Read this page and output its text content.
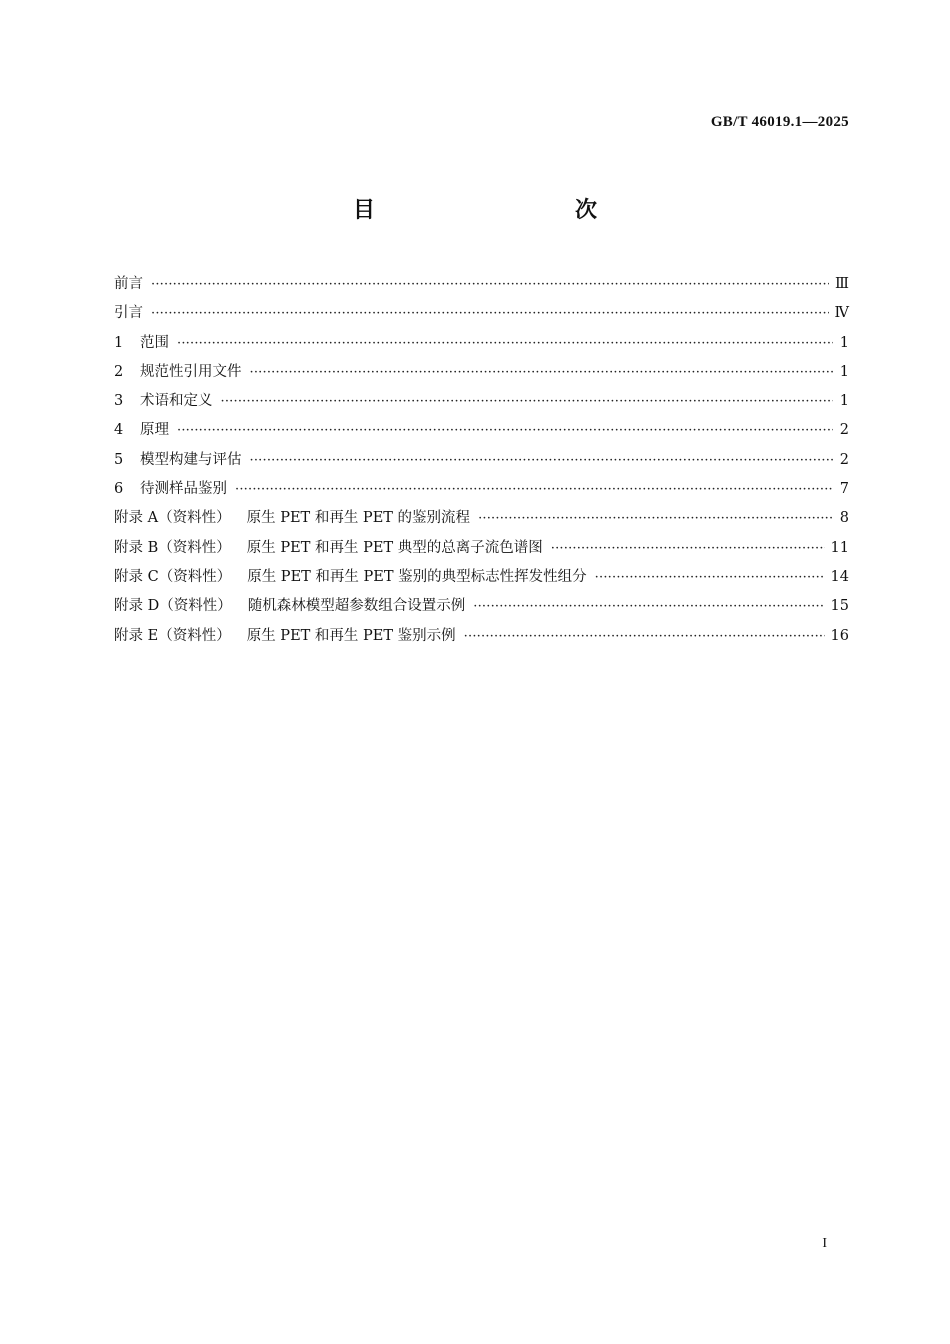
GB/T 46019.1—2025
目　　次
前言 ·····	Ⅲ
引言 ·····	Ⅳ
1	范围 ·····	1
2	规范性引用文件 ·····	1
3	术语和定义 ·····	1
4	原理 ·····	2
5	模型构建与评估 ·····	2
6	待测样品鉴别 ·····	7
附录 A（资料性） 原生 PET 和再生 PET 的鉴别流程 ·····	8
附录 B（资料性） 原生 PET 和再生 PET 典型的总离子流色谱图 ·····	11
附录 C（资料性） 原生 PET 和再生 PET 鉴别的典型标志性挥发性组分 ·····	14
附录 D（资料性） 随机森林模型超参数组合设置示例 ·····	15
附录 E（资料性） 原生 PET 和再生 PET 鉴别示例 ·····	16
I
